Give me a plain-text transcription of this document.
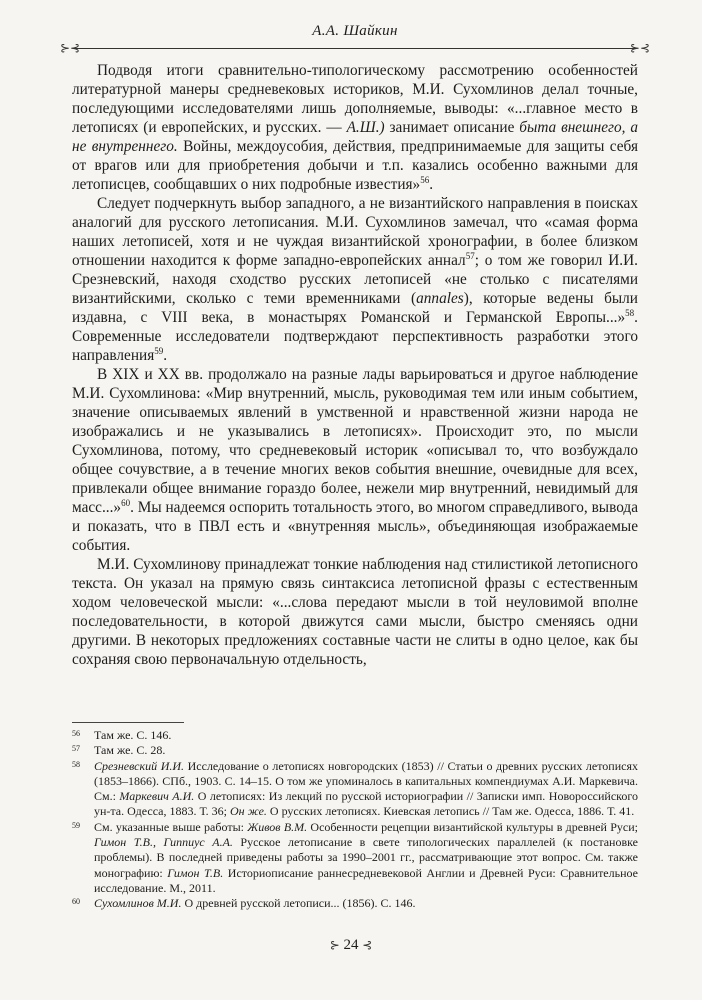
⊱⊰
А.А. Шайкин
⊱⊰

Подводя итоги сравнительно-типологическому рассмотрению особенностей литературной манеры средневековых историков, М.И. Сухомлинов делал точные, последующими исследователями лишь дополняемые, выводы: «...главное место в летописях (и европейских, и русских. — А.Ш.) занимает описание быта внешнего, а не внутреннего. Войны, междоусобия, действия, предпринимаемые для защиты себя от врагов или для приобретения добычи и т.п. казались особенно важными для летописцев, сообщавших о них подробные известия»$^{56}$.

Следует подчеркнуть выбор западного, а не византийского направления в поисках аналогий для русского летописания. М.И. Сухомлинов замечал, что «самая форма наших летописей, хотя и не чуждая византийской хронографии, в более близком отношении находится к форме западно-европейских аннал$^{57}$; о том же говорил И.И. Срезневский, находя сходство русских летописей «не столько с писателями византийскими, сколько с теми временниками (annales), которые ведены были издавна, с VIII века, в монастырях Романской и Германской Европы...»$^{58}$. Современные исследователи подтверждают перспективность разработки этого направления$^{59}$.

В XIX и XX вв. продолжало на разные лады варьироваться и другое наблюдение М.И. Сухомлинова: «Мир внутренний, мысль, руководимая тем или иным событием, значение описываемых явлений в умственной и нравственной жизни народа не изображались и не указывались в летописях». Происходит это, по мысли Сухомлинова, потому, что средневековый историк «описывал то, что возбуждало общее сочувствие, а в течение многих веков события внешние, очевидные для всех, привлекали общее внимание гораздо более, нежели мир внутренний, невидимый для масс...»$^{60}$. Мы надеемся оспорить тотальность этого, во многом справедливого, вывода и показать, что в ПВЛ есть и «внутренняя мысль», объединяющая изображаемые события.

М.И. Сухомлинову принадлежат тонкие наблюдения над стилистикой летописного текста. Он указал на прямую связь синтаксиса летописной фразы с естественным ходом человеческой мысли: «...слова передают мысли в той неуловимой вполне последовательности, в которой движутся сами мысли, быстро сменяясь одни другими. В некоторых предложениях составные части не слиты в одно целое, как бы сохраняя свою первоначальную отдельность,

56 Там же. С. 146.
57 Там же. С. 28.
58 Срезневский И.И. Исследование о летописях новгородских (1853) // Статьи о древних русских летописях (1853–1866). СПб., 1903. С. 14–15. О том же упоминалось в капитальных компендиумах А.И. Маркевича. См.: Маркевич А.И. О летописях: Из лекций по русской историографии // Записки имп. Новороссийского ун-та. Одесса, 1883. Т. 36; Он же. О русских летописях. Киевская летопись // Там же. Одесса, 1886. Т. 41.
59 См. указанные выше работы: Живов В.М. Особенности рецепции византийской культуры в древней Руси; Гимон Т.В., Гиппиус А.А. Русское летописание в свете типологических параллелей (к постановке проблемы). В последней приведены работы за 1990–2001 гг., рассматривающие этот вопрос. См. также монографию: Гимон Т.В. Историописание раннесредневековой Англии и Древней Руси: Сравнительное исследование. М., 2011.
60 Сухомлинов М.И. О древней русской летописи... (1856). С. 146.
⊱ 24 ⊰
